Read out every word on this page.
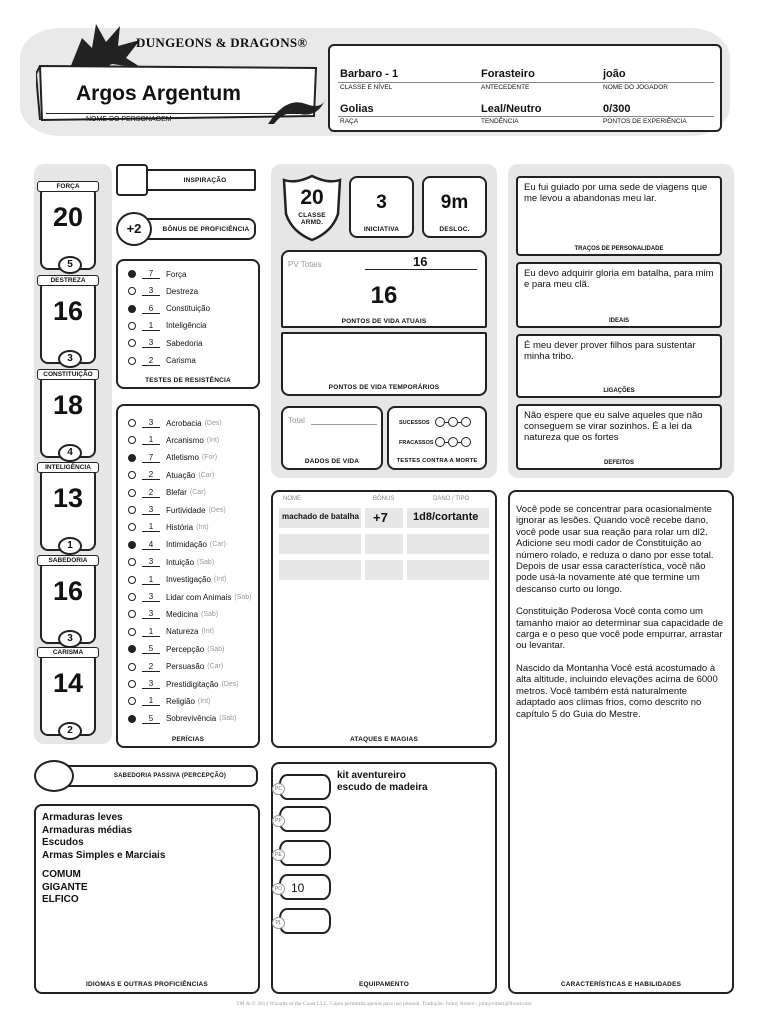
DUNGEONS & DRAGONS®
Argos Argentum
NOME DO PERSONAGEM
Barbaro - 1	Forasteiro	joão
CLASSE E NÍVEL	ANTECEDENTE	NOME DO JOGADOR
Golias	Leal/Neutro	0/300
RAÇA	TENDÊNCIA	PONTOS DE EXPERIÊNCIA
FORÇA
20
5
DESTREZA
16
3
CONSTITUIÇÃO
18
4
INTELIGÊNCIA
13
1
SABEDORIA
16
3
CARISMA
14
2
INSPIRAÇÃO
+2	BÔNUS DE PROFICIÊNCIA
7	Força
3	Destreza
6	Constituição
1	Inteligência
3	Sabedoria
2	Carisma
TESTES DE RESISTÊNCIA
3	Acrobacia (Des)
1	Arcanismo (Int)
7	Atletismo (For)
2	Atuação (Car)
2	Blefar (Car)
3	Furtividade (Des)
1	História (Int)
4	Intimidação (Car)
3	Intuição (Sab)
1	Investigação (Int)
3	Lidar com Animais (Sab)
3	Medicina (Sab)
1	Natureza (Int)
5	Percepção (Sab)
2	Persuasão (Car)
3	Prestidigitação (Des)
1	Religião (Int)
5	Sobrevivência (Sab)
PERÍCIAS
20
CLASSE ARMD.
3
INICIATIVA
9m
DESLOC.
PV Totais	16
16
PONTOS DE VIDA ATUAIS
PONTOS DE VIDA TEMPORÁRIOS
Total
DADOS DE VIDA
SUCESSOS
FRACASSOS
TESTES CONTRA A MORTE
NOME	BÔNUS	DANO / TIPO
machado de batalha +7 1d8/cortante
ATAQUES E MAGIAS
Eu fui guiado por uma sede de viagens que me levou a abandonas meu lar.
TRAÇOS DE PERSONALIDADE
Eu devo adquirir gloria em batalha, para mim e para meu clã.
IDEAIS
É meu dever prover filhos para sustentar minha tribo.
LIGAÇÕES
Não espere que eu salve aqueles que não conseguem se virar sozinhos. É a lei da natureza que os fortes
DEFEITOS

Você pode se concentrar para ocasionalmente ignorar as lesões. Quando você recebe dano, você pode usar sua reação para rolar um dl2. Adicione seu modi cador de Constituição ao número rolado, e reduza o dano por esse total. Depois de usar essa característica, você não pode usá-la novamente até que termine um descanso curto ou longo.

Constituição Poderosa Você conta como um tamanho maior ao determinar sua capacidade de carga e o peso que você pode empurrar, arrastar ou levantar.

Nascido da Montanha Você está acostumado à alta altitude, incluindo elevações acima de 6000 metros. Você também está naturalmente adaptado aos climas frios, como descrito no capítulo 5 do Guia do Mestre.

CARACTERÍSTICAS E HABILIDADES
SABEDORIA PASSIVA (PERCEPÇÃO)
Armaduras leves
Armaduras médias
Escudos
Armas Simples e Marciais
COMUM
GIGANTE
ELFICO
IDIOMAS E OUTRAS PROFICIÊNCIAS
kit aventureiro
escudo de madeira
PC
PP
PE
PO 10
PL
EQUIPAMENTO
TM & © 2014 Wizards of the Coast LLC. Cópia permitida apenas para uso pessoal. Tradução: Johny Robert | johnyrobert@iloud.com
